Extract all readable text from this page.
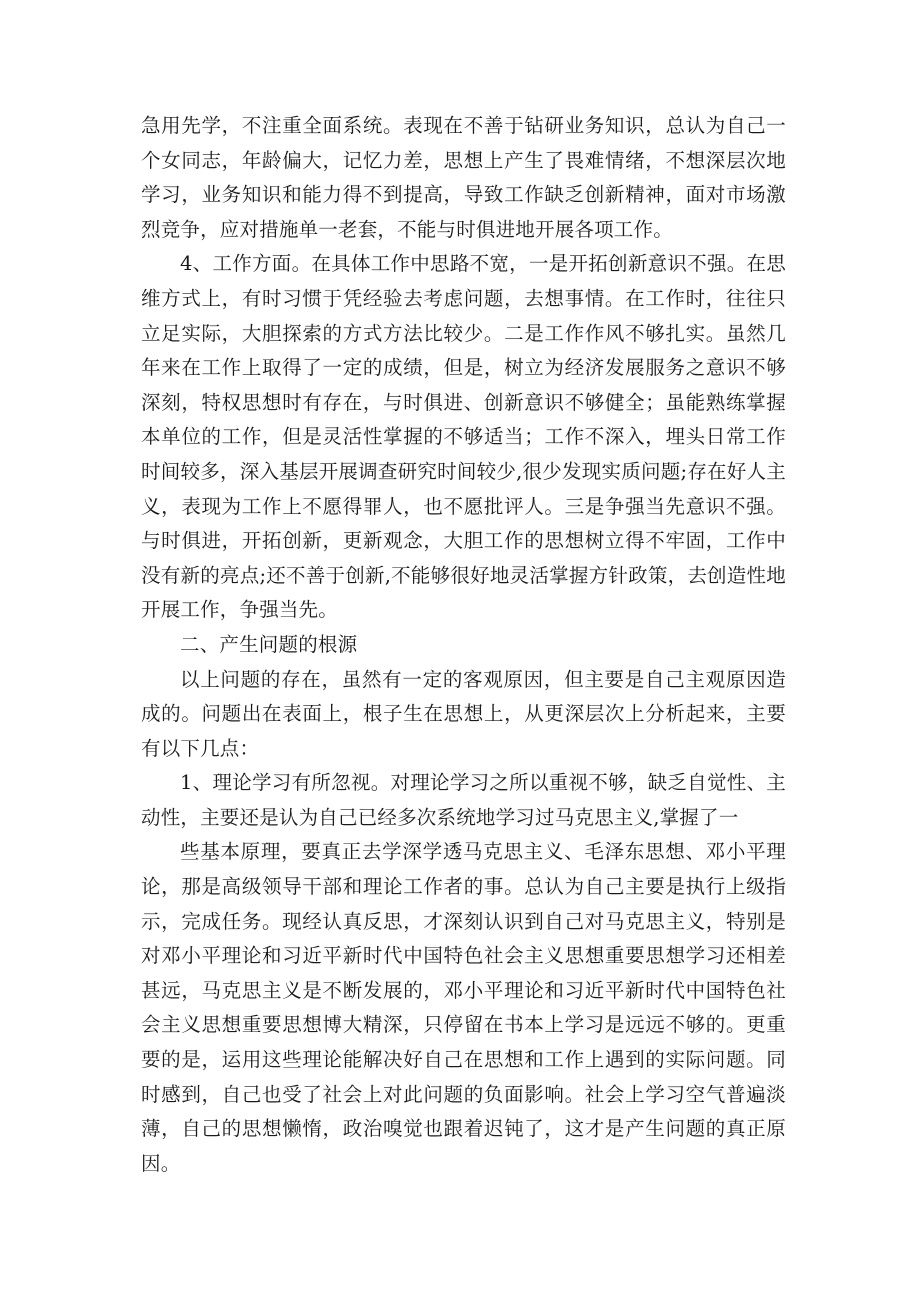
急用先学，不注重全面系统。表现在不善于钻研业务知识，总认为自己一个女同志，年龄偏大，记忆力差，思想上产生了畏难情绪，不想深层次地学习，业务知识和能力得不到提高，导致工作缺乏创新精神，面对市场激烈竞争，应对措施单一老套，不能与时俱进地开展各项工作。

4、工作方面。在具体工作中思路不宽，一是开拓创新意识不强。在思维方式上，有时习惯于凭经验去考虑问题，去想事情。在工作时，往往只立足实际，大胆探索的方式方法比较少。二是工作作风不够扎实。虽然几年来在工作上取得了一定的成绩，但是，树立为经济发展服务之意识不够深刻，特权思想时有存在，与时俱进、创新意识不够健全；虽能熟练掌握本单位的工作，但是灵活性掌握的不够适当；工作不深入，埋头日常工作时间较多，深入基层开展调查研究时间较少,很少发现实质问题;存在好人主义，表现为工作上不愿得罪人，也不愿批评人。三是争强当先意识不强。与时俱进，开拓创新，更新观念，大胆工作的思想树立得不牢固，工作中没有新的亮点;还不善于创新,不能够很好地灵活掌握方针政策，去创造性地开展工作，争强当先。

二、产生问题的根源

以上问题的存在，虽然有一定的客观原因，但主要是自己主观原因造成的。问题出在表面上，根子生在思想上，从更深层次上分析起来，主要有以下几点：

1、理论学习有所忽视。对理论学习之所以重视不够，缺乏自觉性、主动性，主要还是认为自己已经多次系统地学习过马克思主义,掌握了一

些基本原理，要真正去学深学透马克思主义、毛泽东思想、邓小平理论，那是高级领导干部和理论工作者的事。总认为自己主要是执行上级指示，完成任务。现经认真反思，才深刻认识到自己对马克思主义，特别是对邓小平理论和习近平新时代中国特色社会主义思想重要思想学习还相差甚远，马克思主义是不断发展的，邓小平理论和习近平新时代中国特色社会主义思想重要思想博大精深，只停留在书本上学习是远远不够的。更重要的是，运用这些理论能解决好自己在思想和工作上遇到的实际问题。同时感到，自己也受了社会上对此问题的负面影响。社会上学习空气普遍淡薄，自己的思想懒惰，政治嗅觉也跟着迟钝了，这才是产生问题的真正原因。
